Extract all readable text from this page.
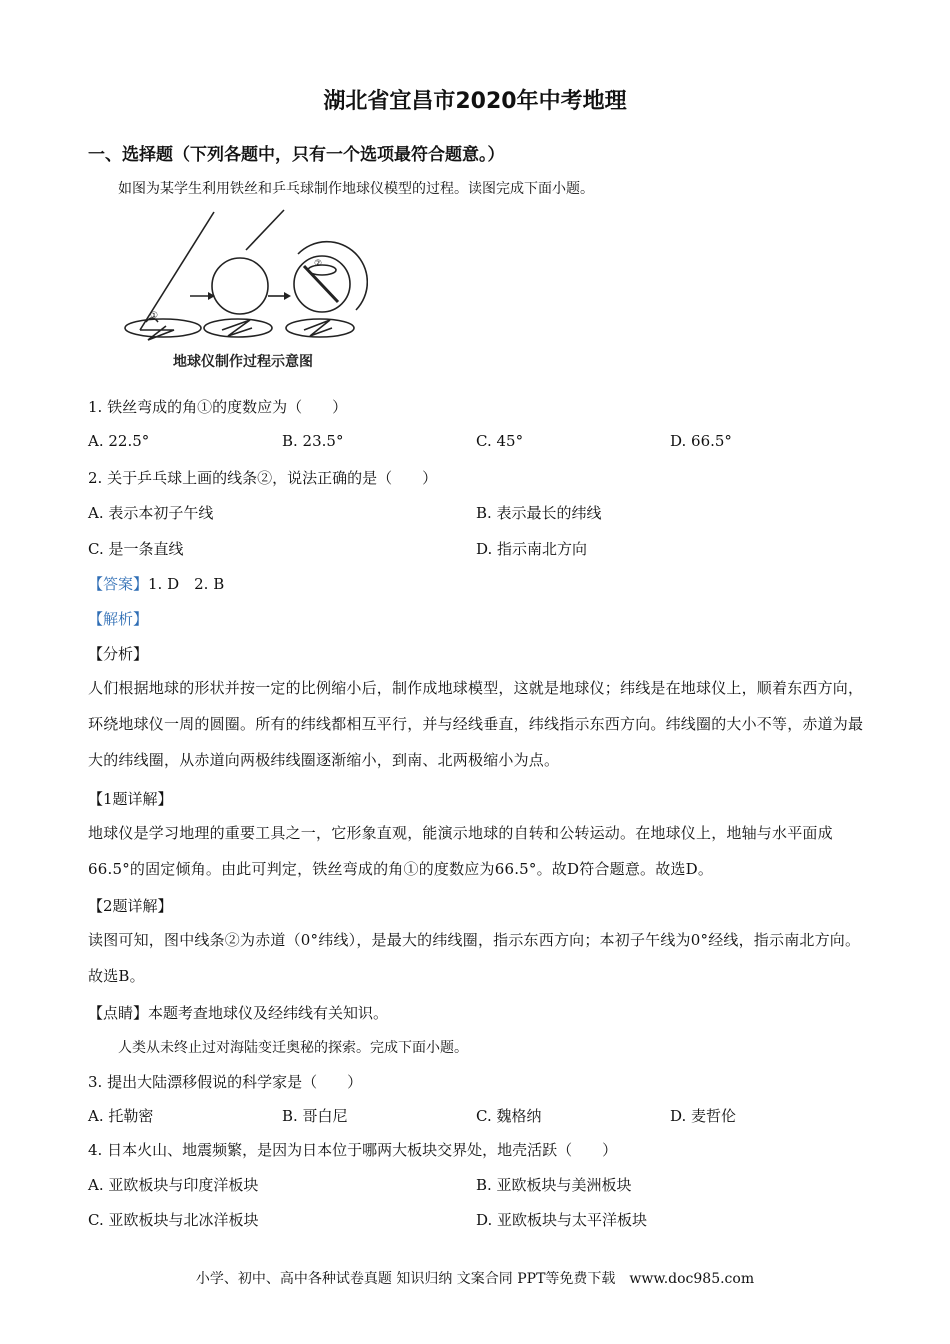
湖北省宜昌市2020年中考地理
一、选择题（下列各题中，只有一个选项最符合题意。）
如图为某学生利用铁丝和乒乓球制作地球仪模型的过程。读图完成下面小题。
①
②
地球仪制作过程示意图
1. 铁丝弯成的角①的度数应为（　　）
A. 22.5°	B. 23.5°	C. 45°	D. 66.5°
2. 关于乒乓球上画的线条②，说法正确的是（　　）
A. 表示本初子午线	B. 表示最长的纬线
C. 是一条直线	D. 指示南北方向
【答案】1. D　2. B
【解析】
【分析】
人们根据地球的形状并按一定的比例缩小后，制作成地球模型，这就是地球仪；纬线是在地球仪上，顺着东西方向，环绕地球仪一周的圆圈。所有的纬线都相互平行，并与经线垂直，纬线指示东西方向。纬线圈的大小不等，赤道为最大的纬线圈，从赤道向两极纬线圈逐渐缩小，到南、北两极缩小为点。
【1题详解】
地球仪是学习地理的重要工具之一，它形象直观，能演示地球的自转和公转运动。在地球仪上，地轴与水平面成66.5°的固定倾角。由此可判定，铁丝弯成的角①的度数应为66.5°。故D符合题意。故选D。
【2题详解】
读图可知，图中线条②为赤道（0°纬线），是最大的纬线圈，指示东西方向；本初子午线为0°经线，指示南北方向。故选B。
【点睛】本题考查地球仪及经纬线有关知识。
人类从未终止过对海陆变迁奥秘的探索。完成下面小题。
3. 提出大陆漂移假说的科学家是（　　）
A. 托勒密	B. 哥白尼	C. 魏格纳	D. 麦哲伦
4. 日本火山、地震频繁，是因为日本位于哪两大板块交界处，地壳活跃（　　）
A. 亚欧板块与印度洋板块	B. 亚欧板块与美洲板块
C. 亚欧板块与北冰洋板块	D. 亚欧板块与太平洋板块
小学、初中、高中各种试卷真题 知识归纳 文案合同 PPT等免费下载　www.doc985.com
